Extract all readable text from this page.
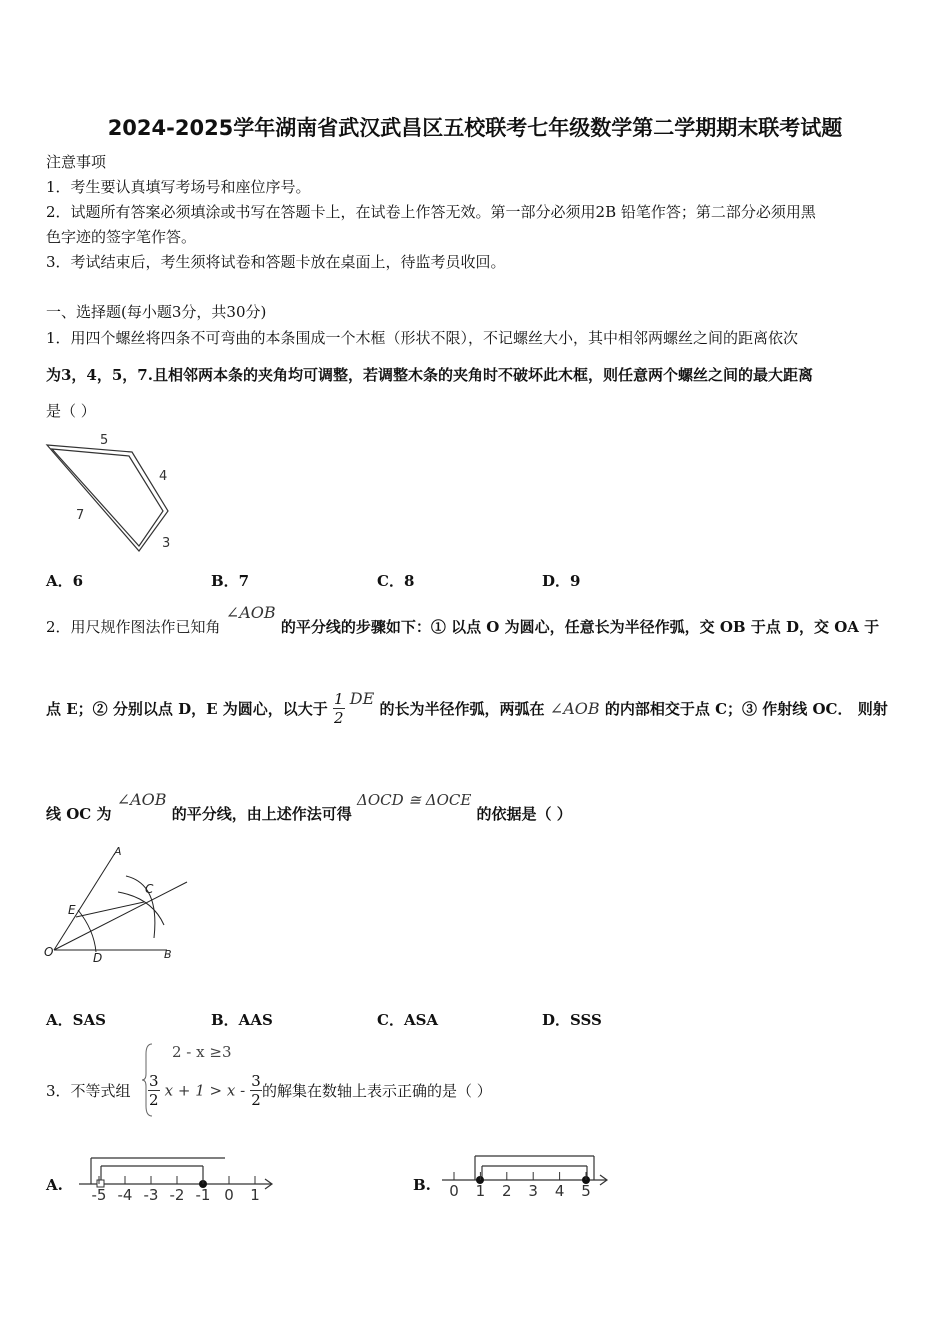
2024-2025学年湖南省武汉武昌区五校联考七年级数学第二学期期末联考试题
注意事项
1．考生要认真填写考场号和座位序号。
2．试题所有答案必须填涂或书写在答题卡上，在试卷上作答无效。第一部分必须用2B 铅笔作答；第二部分必须用黑
色字迹的签字笔作答。
3．考试结束后，考生须将试卷和答题卡放在桌面上，待监考员收回。
一、选择题(每小题3分，共30分)
1．用四个螺丝将四条不可弯曲的本条围成一个木框（形状不限），不记螺丝大小，其中相邻两螺丝之间的距离依次
为3，4，5，7.且相邻两本条的夹角均可调整，若调整木条的夹角时不破坏此木框，则任意两个螺丝之间的最大距离
是（ ）
5
4
7
3
A．6	B．7	C．8	D．9
2．用尺规作图法作已知角 ∠AOB 的平分线的步骤如下：① 以点 O 为圆心，任意长为半径作弧，交 OB 于点 D，交 OA 于
点 E；② 分别以点 D，E 为圆心，以大于 $\frac{1}{2}$ DE 的长为半径作弧，两弧在 ∠AOB 的内部相交于点 C；③ 作射线 OC． 则射
线 OC 为 ∠AOB 的平分线，由上述作法可得 ΔOCD ≅ ΔOCE 的依据是（ ）
A
C
E
O	D	B
A．SAS	B．AAS	C．ASA	D．SSS
3．不等式组
2 - x ≥3
$\frac{3}{2}$ $x + 1 > x - \frac{3}{2}$ 的解集在数轴上表示正确的是（ ）
A.
-5 -4 -3 -2 -1 0 1
B. 0 1 2 3 4 5
